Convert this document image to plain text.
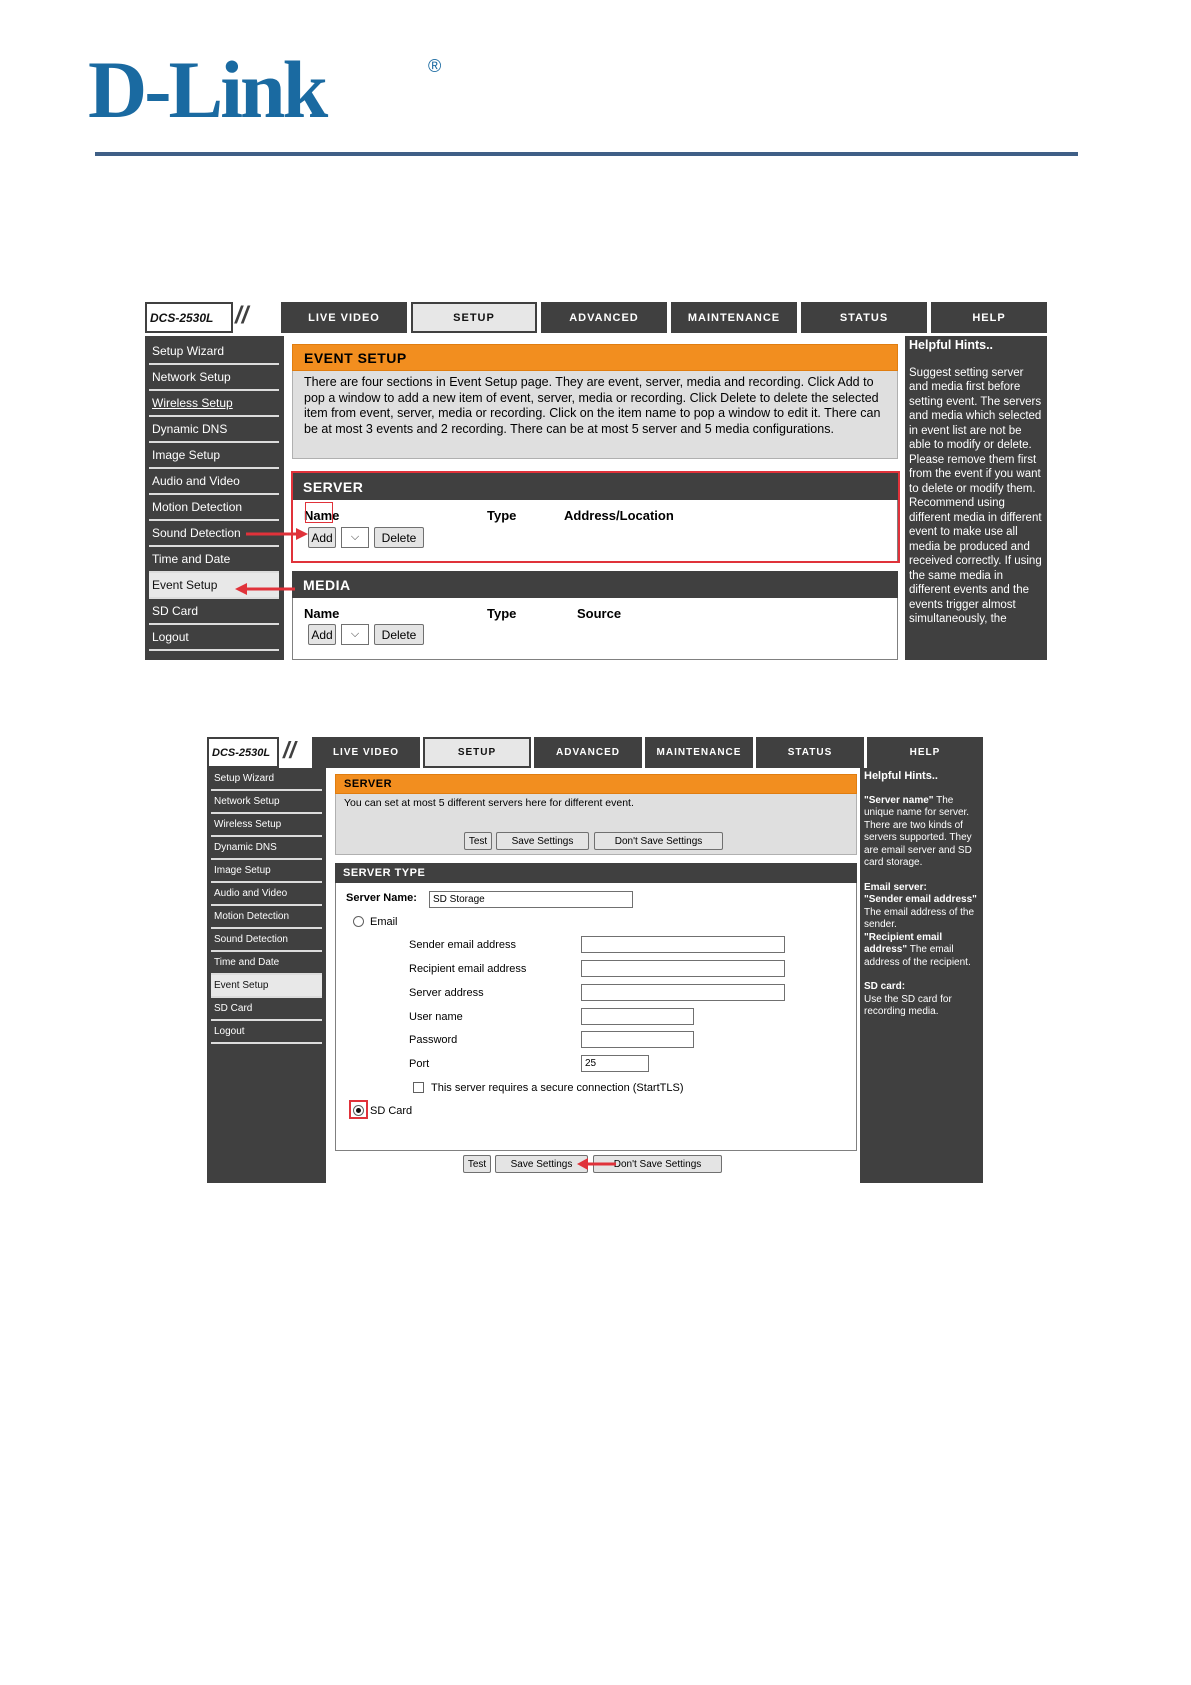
D-Link	®
DCS-2530L //	LIVE VIDEO	SETUP	ADVANCED	MAINTENANCE	STATUS	HELP
Setup Wizard
Network Setup
Wireless Setup
Dynamic DNS
Image Setup
Audio and Video
Motion Detection
Sound Detection
Time and Date
Event Setup
SD Card
Logout
EVENT SETUP
There are four sections in Event Setup page. They are event, server, media and recording. Click Add to pop a window to add a new item of event, server, media or recording. Click Delete to delete the selected item from event, server, media or recording. Click on the item name to pop a window to edit it. There can be at most 3 events and 2 recording. There can be at most 5 server and 5 media configurations.
SERVER
Name	Type	Address/Location
Add	⌵	Delete
MEDIA
Name	Type	Source
Add	⌵	Delete
Helpful Hints..
Suggest setting server and media first before setting event. The servers and media which selected in event list are not be able to modify or delete. Please remove them first from the event if you want to delete or modify them. Recommend using different media in different event to make use all media be produced and received correctly. If using the same media in different events and the events trigger almost simultaneously, the
DCS-2530L //	LIVE VIDEO	SETUP	ADVANCED	MAINTENANCE	STATUS	HELP
Setup Wizard
Network Setup
Wireless Setup
Dynamic DNS
Image Setup
Audio and Video
Motion Detection
Sound Detection
Time and Date
Event Setup
SD Card
Logout
SERVER
You can set at most 5 different servers here for different event.
Test	Save Settings	Don't Save Settings
SERVER TYPE
Server Name:	SD Storage
Email
Sender email address
Recipient email address
Server address
User name
Password
Port	25
This server requires a secure connection (StartTLS)
SD Card
Test	Save Settings	Don't Save Settings
Helpful Hints..
"Server name" The unique name for server. There are two kinds of servers supported. They are email server and SD card storage.
Email server:
"Sender email address" The email address of the sender.
"Recipient email address" The email address of the recipient.
SD card:
Use the SD card for recording media.
